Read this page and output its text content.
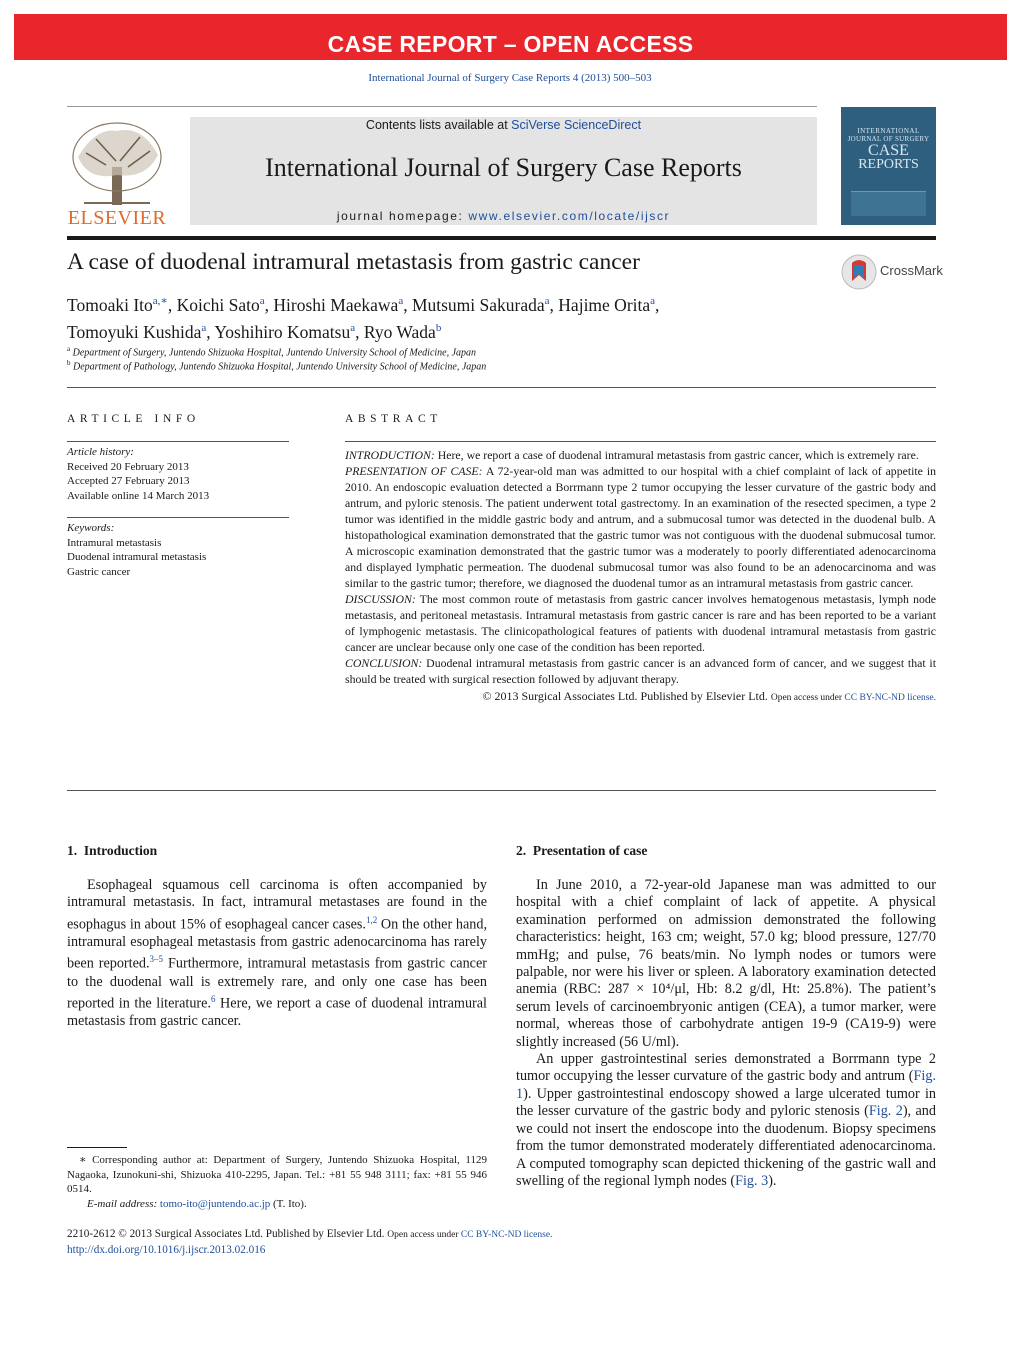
CASE REPORT – OPEN ACCESS
International Journal of Surgery Case Reports 4 (2013) 500–503
ELSEVIER
Contents lists available at SciVerse ScienceDirect
International Journal of Surgery Case Reports
journal homepage: www.elsevier.com/locate/ijscr
INTERNATIONAL
JOURNAL OF SURGERY
CASE
REPORTS
A case of duodenal intramural metastasis from gastric cancer	CrossMark
Tomoaki Ito$^{a,∗}$, Koichi Sato$^a$, Hiroshi Maekawa$^a$, Mutsumi Sakurada$^a$, Hajime Orita$^a$,
Tomoyuki Kushida$^a$, Yoshihiro Komatsu$^a$, Ryo Wada$^b$
$^a$ Department of Surgery, Juntendo Shizuoka Hospital, Juntendo University School of Medicine, Japan
$^b$ Department of Pathology, Juntendo Shizuoka Hospital, Juntendo University School of Medicine, Japan
ARTICLE INFO
Article history:
Received 20 February 2013
Accepted 27 February 2013
Available online 14 March 2013
Keywords:
Intramural metastasis
Duodenal intramural metastasis
Gastric cancer
ABSTRACT

INTRODUCTION: Here, we report a case of duodenal intramural metastasis from gastric cancer, which is extremely rare.

PRESENTATION OF CASE: A 72-year-old man was admitted to our hospital with a chief complaint of lack of appetite in 2010. An endoscopic evaluation detected a Borrmann type 2 tumor occupying the lesser curvature of the gastric body and antrum, and pyloric stenosis. The patient underwent total gastrectomy. In an examination of the resected specimen, a type 2 tumor was identified in the middle gastric body and antrum, and a submucosal tumor was detected in the duodenal bulb. A histopathological examination demonstrated that the gastric tumor was not contiguous with the duodenal submucosal tumor. A microscopic examination demonstrated that the gastric tumor was a moderately to poorly differentiated adenocarcinoma and displayed lymphatic permeation. The duodenal submucosal tumor was also found to be an adenocarcinoma and was similar to the gastric tumor; therefore, we diagnosed the duodenal tumor as an intramural metastasis from gastric cancer.

DISCUSSION: The most common route of metastasis from gastric cancer involves hematogenous metastasis, lymph node metastasis, and peritoneal metastasis. Intramural metastasis from gastric cancer is rare and has been reported to be a variant of lymphogenic metastasis. The clinicopathological features of patients with duodenal intramural metastasis from gastric cancer are unclear because only one case of the condition has been reported.

CONCLUSION: Duodenal intramural metastasis from gastric cancer is an advanced form of cancer, and we suggest that it should be treated with surgical resection followed by adjuvant therapy.

© 2013 Surgical Associates Ltd. Published by Elsevier Ltd. Open access under CC BY-NC-ND license.

1.  Introduction

Esophageal squamous cell carcinoma is often accompanied by intramural metastasis. In fact, intramural metastases are found in the esophagus in about 15% of esophageal cancer cases.$^{1,2}$ On the other hand, intramural esophageal metastasis from gastric adenocarcinoma has rarely been reported.$^{3-5}$ Furthermore, intramural metastasis from gastric cancer to the duodenal wall is extremely rare, and only one case has been reported in the literature.$^6$ Here, we report a case of duodenal intramural metastasis from gastric cancer.

2.  Presentation of case

In June 2010, a 72-year-old Japanese man was admitted to our hospital with a chief complaint of lack of appetite. A physical examination performed on admission demonstrated the following characteristics: height, 163 cm; weight, 57.0 kg; blood pressure, 127/70 mmHg; and pulse, 76 beats/min. No lymph nodes or tumors were palpable, nor were his liver or spleen. A laboratory examination detected anemia (RBC: 287 × 10⁴/μl, Hb: 8.2 g/dl, Ht: 25.8%). The patient’s serum levels of carcinoembryonic antigen (CEA), a tumor marker, were normal, whereas those of carbohydrate antigen 19-9 (CA19-9) were slightly increased (56 U/ml).

An upper gastrointestinal series demonstrated a Borrmann type 2 tumor occupying the lesser curvature of the gastric body and antrum (Fig. 1). Upper gastrointestinal endoscopy showed a large ulcerated tumor in the lesser curvature of the gastric body and pyloric stenosis (Fig. 2), and we could not insert the endoscope into the duodenum. Biopsy specimens from the tumor demonstrated moderately differentiated adenocarcinoma. A computed tomography scan depicted thickening of the gastric wall and swelling of the regional lymph nodes (Fig. 3).

∗ Corresponding author at: Department of Surgery, Juntendo Shizuoka Hospital, 1129 Nagaoka, Izunokuni-shi, Shizuoka 410-2295, Japan. Tel.: +81 55 948 3111; fax: +81 55 946 0514.
E-mail address: tomo-ito@juntendo.ac.jp (T. Ito).
2210-2612 © 2013 Surgical Associates Ltd. Published by Elsevier Ltd. Open access under CC BY-NC-ND license.
http://dx.doi.org/10.1016/j.ijscr.2013.02.016
